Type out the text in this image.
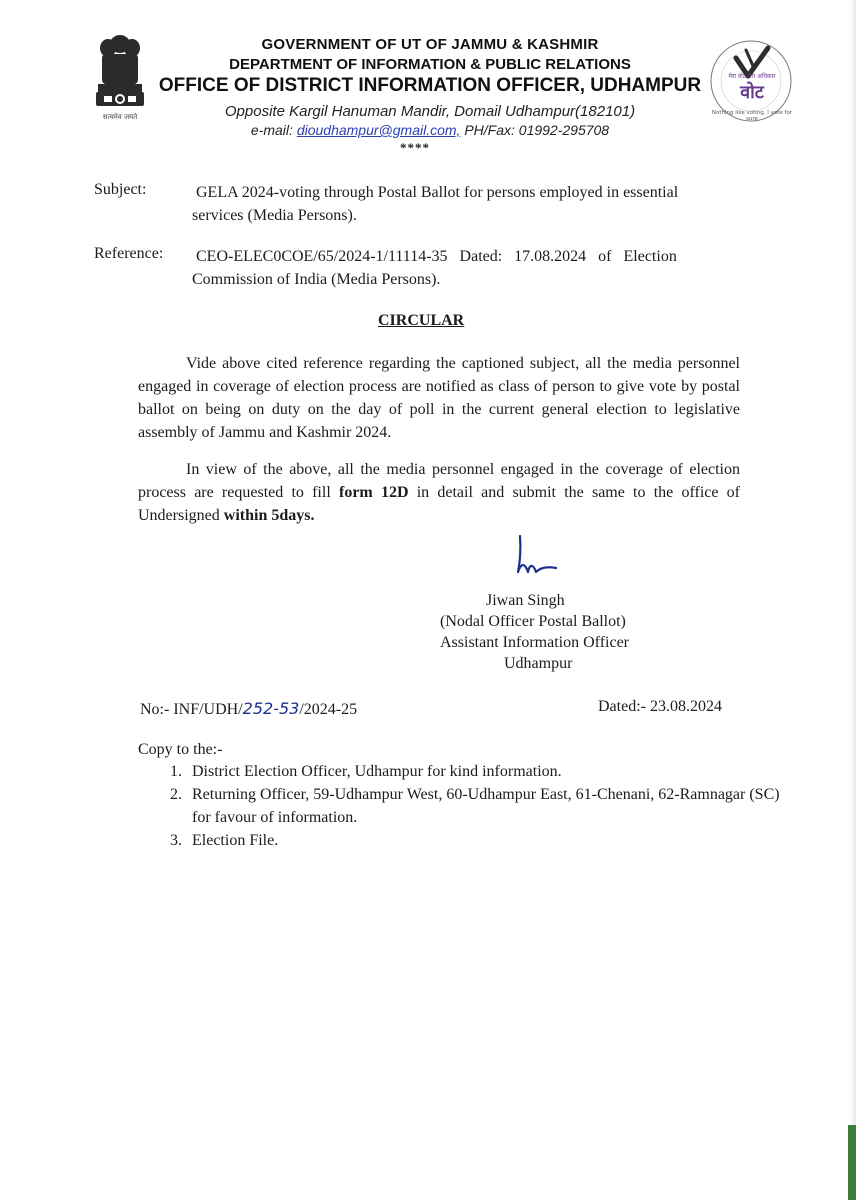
सत्यमेव जयते
मेरा वोट मेरा अधिकार
वोट
Nothing like voting, I vote for sure
GOVERNMENT OF UT OF JAMMU & KASHMIR
DEPARTMENT OF INFORMATION & PUBLIC RELATIONS
OFFICE OF DISTRICT INFORMATION OFFICER, UDHAMPUR
Opposite Kargil Hanuman Mandir, Domail Udhampur(182101)
e-mail: dioudhampur@gmail.com, PH/Fax: 01992-295708
****
Subject:	GELA 2024-voting through Postal Ballot for persons employed in essential
services (Media Persons).
Reference: CEO-ELEC0COE/65/2024-1/11114-35   Dated:   17.08.2024   of   Election
Commission of India (Media Persons).
CIRCULAR
Vide above cited reference regarding the captioned subject, all the media personnel engaged in coverage of election process are notified as class of person to give vote by postal ballot on being on duty on the day of poll in the current general election to legislative assembly of Jammu and Kashmir 2024.
In view of the above, all the media personnel engaged in the coverage of election process are requested to fill form 12D in detail and submit the same to the office of Undersigned within 5days.
Jiwan Singh
(Nodal Officer Postal Ballot)
Assistant Information Officer
Udhampur
No:- INF/UDH/252-53/2024-25	Dated:- 23.08.2024
Copy to the:-
1. District Election Officer, Udhampur for kind information.
2. Returning Officer, 59-Udhampur West, 60-Udhampur East, 61-Chenani, 62-Ramnagar (SC) for favour of information.
3. Election File.
